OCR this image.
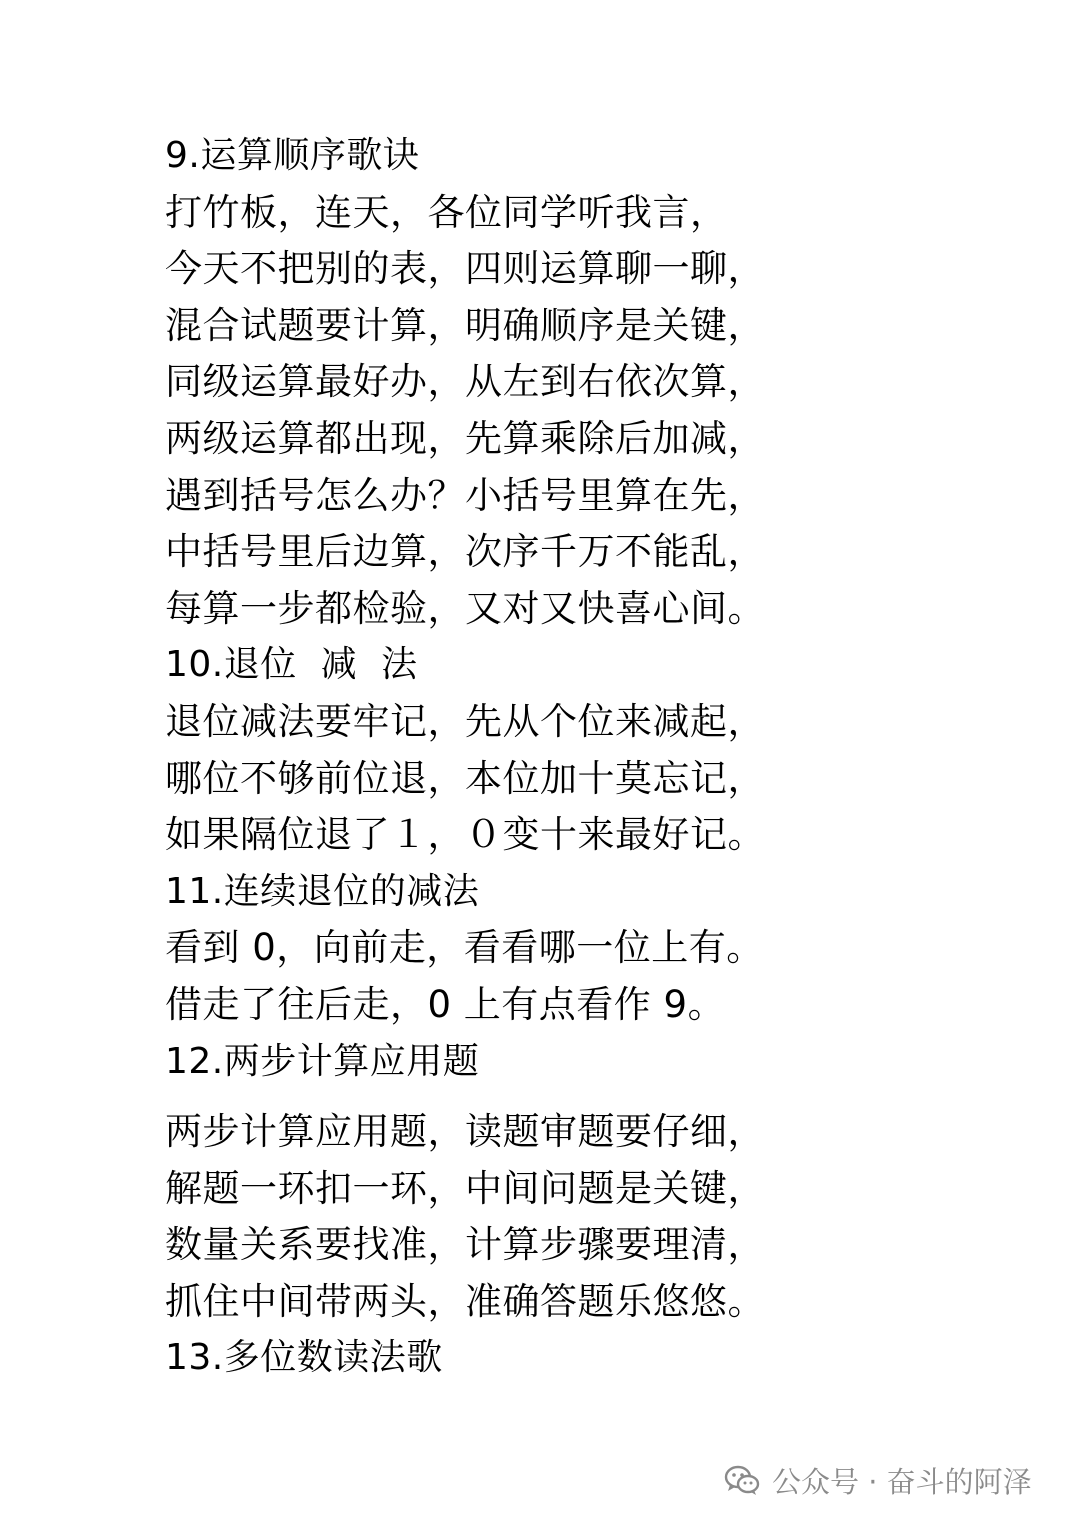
9.运算顺序歌诀
打竹板，连天，各位同学听我言，
今天不把别的表，四则运算聊一聊，
混合试题要计算，明确顺序是关键，
同级运算最好办，从左到右依次算，
两级运算都出现，先算乘除后加减，
遇到括号怎么办？小括号里算在先，
中括号里后边算，次序千万不能乱，
每算一步都检验，又对又快喜心间。
10.退位  减  法
退位减法要牢记，先从个位来减起，
哪位不够前位退，本位加十莫忘记，
如果隔位退了１，０变十来最好记。
11.连续退位的减法
看到 0，向前走，看看哪一位上有。
借走了往后走，0 上有点看作 9。
12.两步计算应用题
两步计算应用题，读题审题要仔细，
解题一环扣一环，中间问题是关键，
数量关系要找准，计算步骤要理清，
抓住中间带两头，准确答题乐悠悠。
13.多位数读法歌
公众号 · 奋斗的阿泽
